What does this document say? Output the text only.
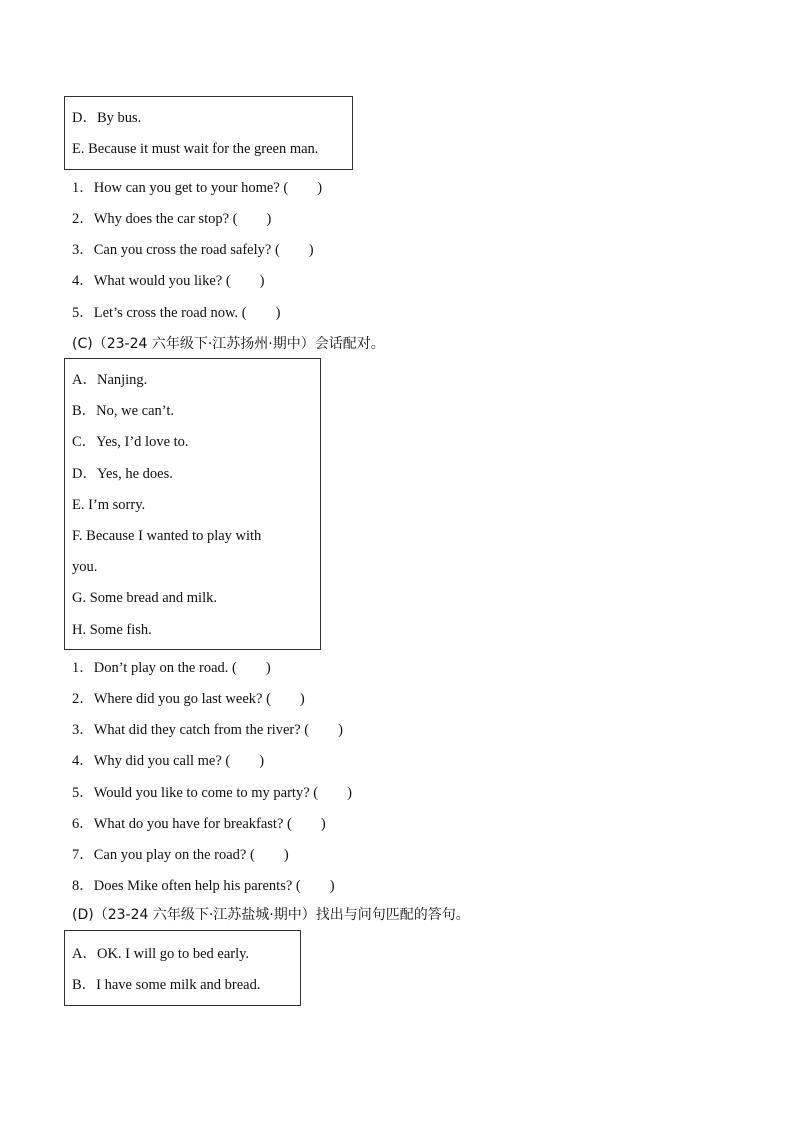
D．By bus.
E. Because it must wait for the green man.
1．How can you get to your home? (　　)
2．Why does the car stop? (　　)
3．Can you cross the road safely? (　　)
4．What would you like? (　　)
5．Let’s cross the road now. (　　)
(C)（23-24 六年级下·江苏扬州·期中）会话配对。
A．Nanjing.
B．No, we can’t.
C．Yes, I’d love to.
D．Yes, he does.
E. I’m sorry.
F. Because I wanted to play with
you.
G. Some bread and milk.
H. Some fish.
1．Don’t play on the road. (　　)
2．Where did you go last week? (　　)
3．What did they catch from the river? (　　)
4．Why did you call me? (　　)
5．Would you like to come to my party? (　　)
6．What do you have for breakfast? (　　)
7．Can you play on the road? (　　)
8．Does Mike often help his parents? (　　)
(D)（23-24 六年级下·江苏盐城·期中）找出与问句匹配的答句。
A．OK. I will go to bed early.
B．I have some milk and bread.
